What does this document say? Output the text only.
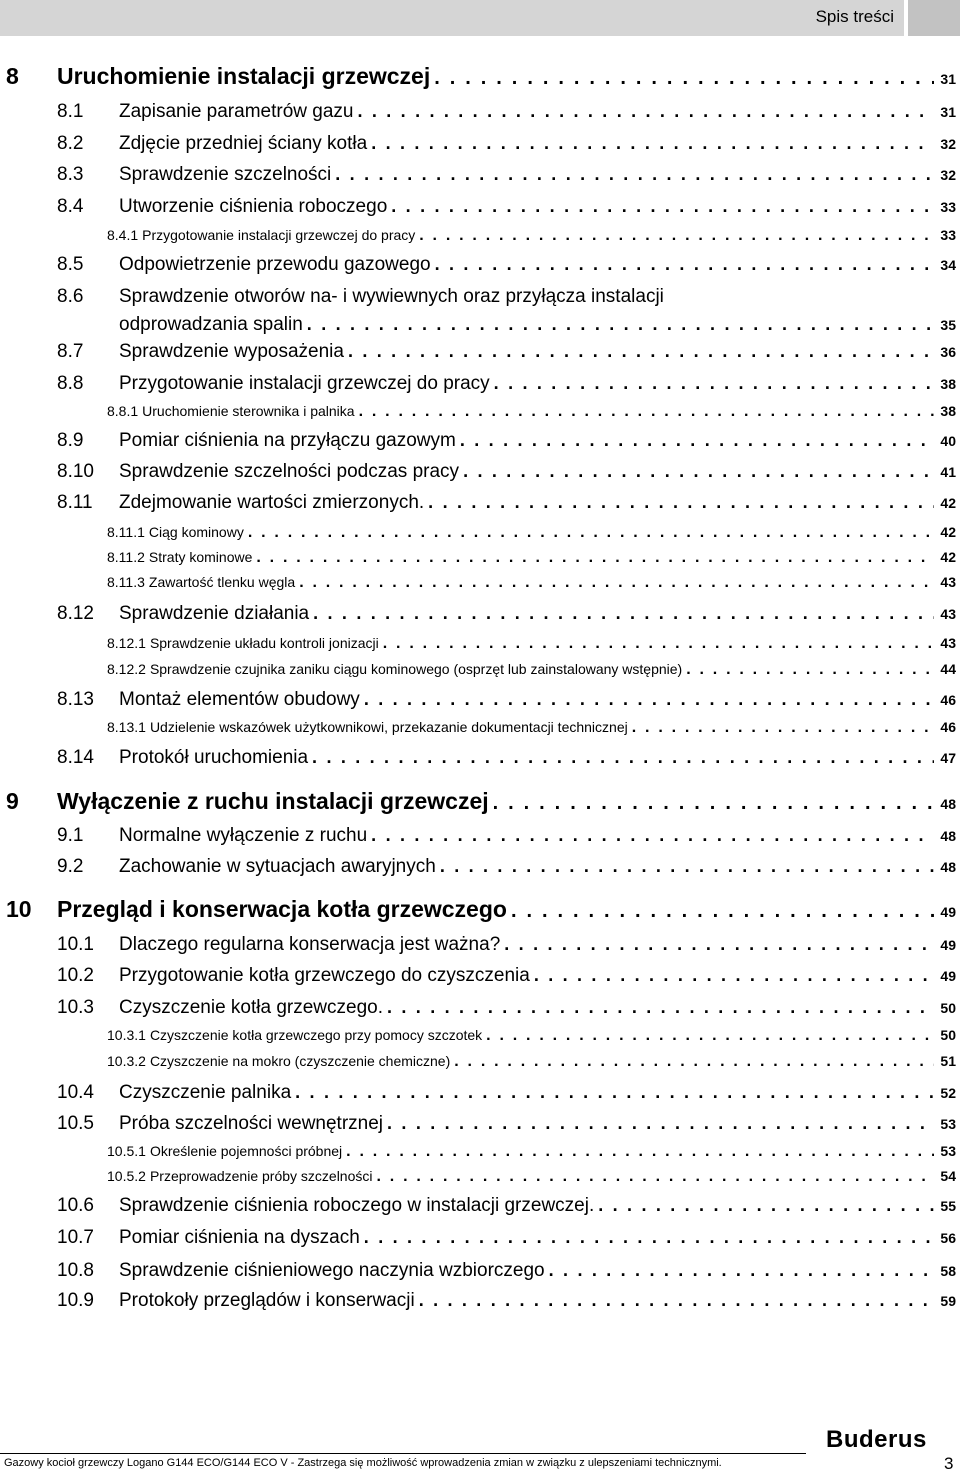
Spis treści
8 Uruchomienie instalacji grzewczej . . .	31
8.1 Zapisanie parametrów gazu . . .	31
8.2 Zdjęcie przedniej ściany kotła . . .	32
8.3 Sprawdzenie szczelności . . .	32
8.4 Utworzenie ciśnienia roboczego . . .	33
8.4.1 Przygotowanie instalacji grzewczej do pracy . . .	33
8.5 Odpowietrzenie przewodu gazowego . . .	34
8.6 Sprawdzenie otworów na- i wywiewnych oraz przyłącza instalacji
odprowadzania spalin . . .	35
8.7 Sprawdzenie wyposażenia . . .	36
8.8 Przygotowanie instalacji grzewczej do pracy . . .	38
8.8.1 Uruchomienie sterownika i palnika . . .	38
8.9 Pomiar ciśnienia na przyłączu gazowym . . .	40
8.10 Sprawdzenie szczelności podczas pracy . . .	41
8.11 Zdejmowanie wartości zmierzonych. . . .	42
8.11.1 Ciąg kominowy . . .	42
8.11.2 Straty kominowe . . .	42
8.11.3 Zawartość tlenku węgla . . .	43
8.12 Sprawdzenie działania . . .	43
8.12.1 Sprawdzenie układu kontroli jonizacji . . .	43
8.12.2 Sprawdzenie czujnika zaniku ciągu kominowego (osprzęt lub zainstalowany wstępnie) . . .	44
8.13 Montaż elementów obudowy . . .	46
8.13.1 Udzielenie wskazówek użytkownikowi, przekazanie dokumentacji technicznej . . .	46
8.14 Protokół uruchomienia . . .	47
9 Wyłączenie z ruchu instalacji grzewczej . . .	48
9.1 Normalne wyłączenie z ruchu . . .	48
9.2 Zachowanie w sytuacjach awaryjnych . . .	48
10 Przegląd i konserwacja kotła grzewczego . . .	49
10.1 Dlaczego regularna konserwacja jest ważna? . . .	49
10.2 Przygotowanie kotła grzewczego do czyszczenia . . .	49
10.3 Czyszczenie kotła grzewczego. . . .	50
10.3.1 Czyszczenie kotła grzewczego przy pomocy szczotek . . .	50
10.3.2 Czyszczenie na mokro (czyszczenie chemiczne) . . .	51
10.4 Czyszczenie palnika . . .	52
10.5 Próba szczelności wewnętrznej . . .	53
10.5.1 Określenie pojemności próbnej . . .	53
10.5.2 Przeprowadzenie próby szczelności . . .	54
10.6 Sprawdzenie ciśnienia roboczego w instalacji grzewczej. . . .	55
10.7 Pomiar ciśnienia na dyszach . . .	56
10.8 Sprawdzenie ciśnieniowego naczynia wzbiorczego . . .	58
10.9 Protokoły przeglądów i konserwacji . . .	59
Gazowy kocioł grzewczy Logano G144 ECO/G144 ECO V - Zastrzega się możliwość wprowadzenia zmian w związku z ulepszeniami technicznymi.
Buderus
3
